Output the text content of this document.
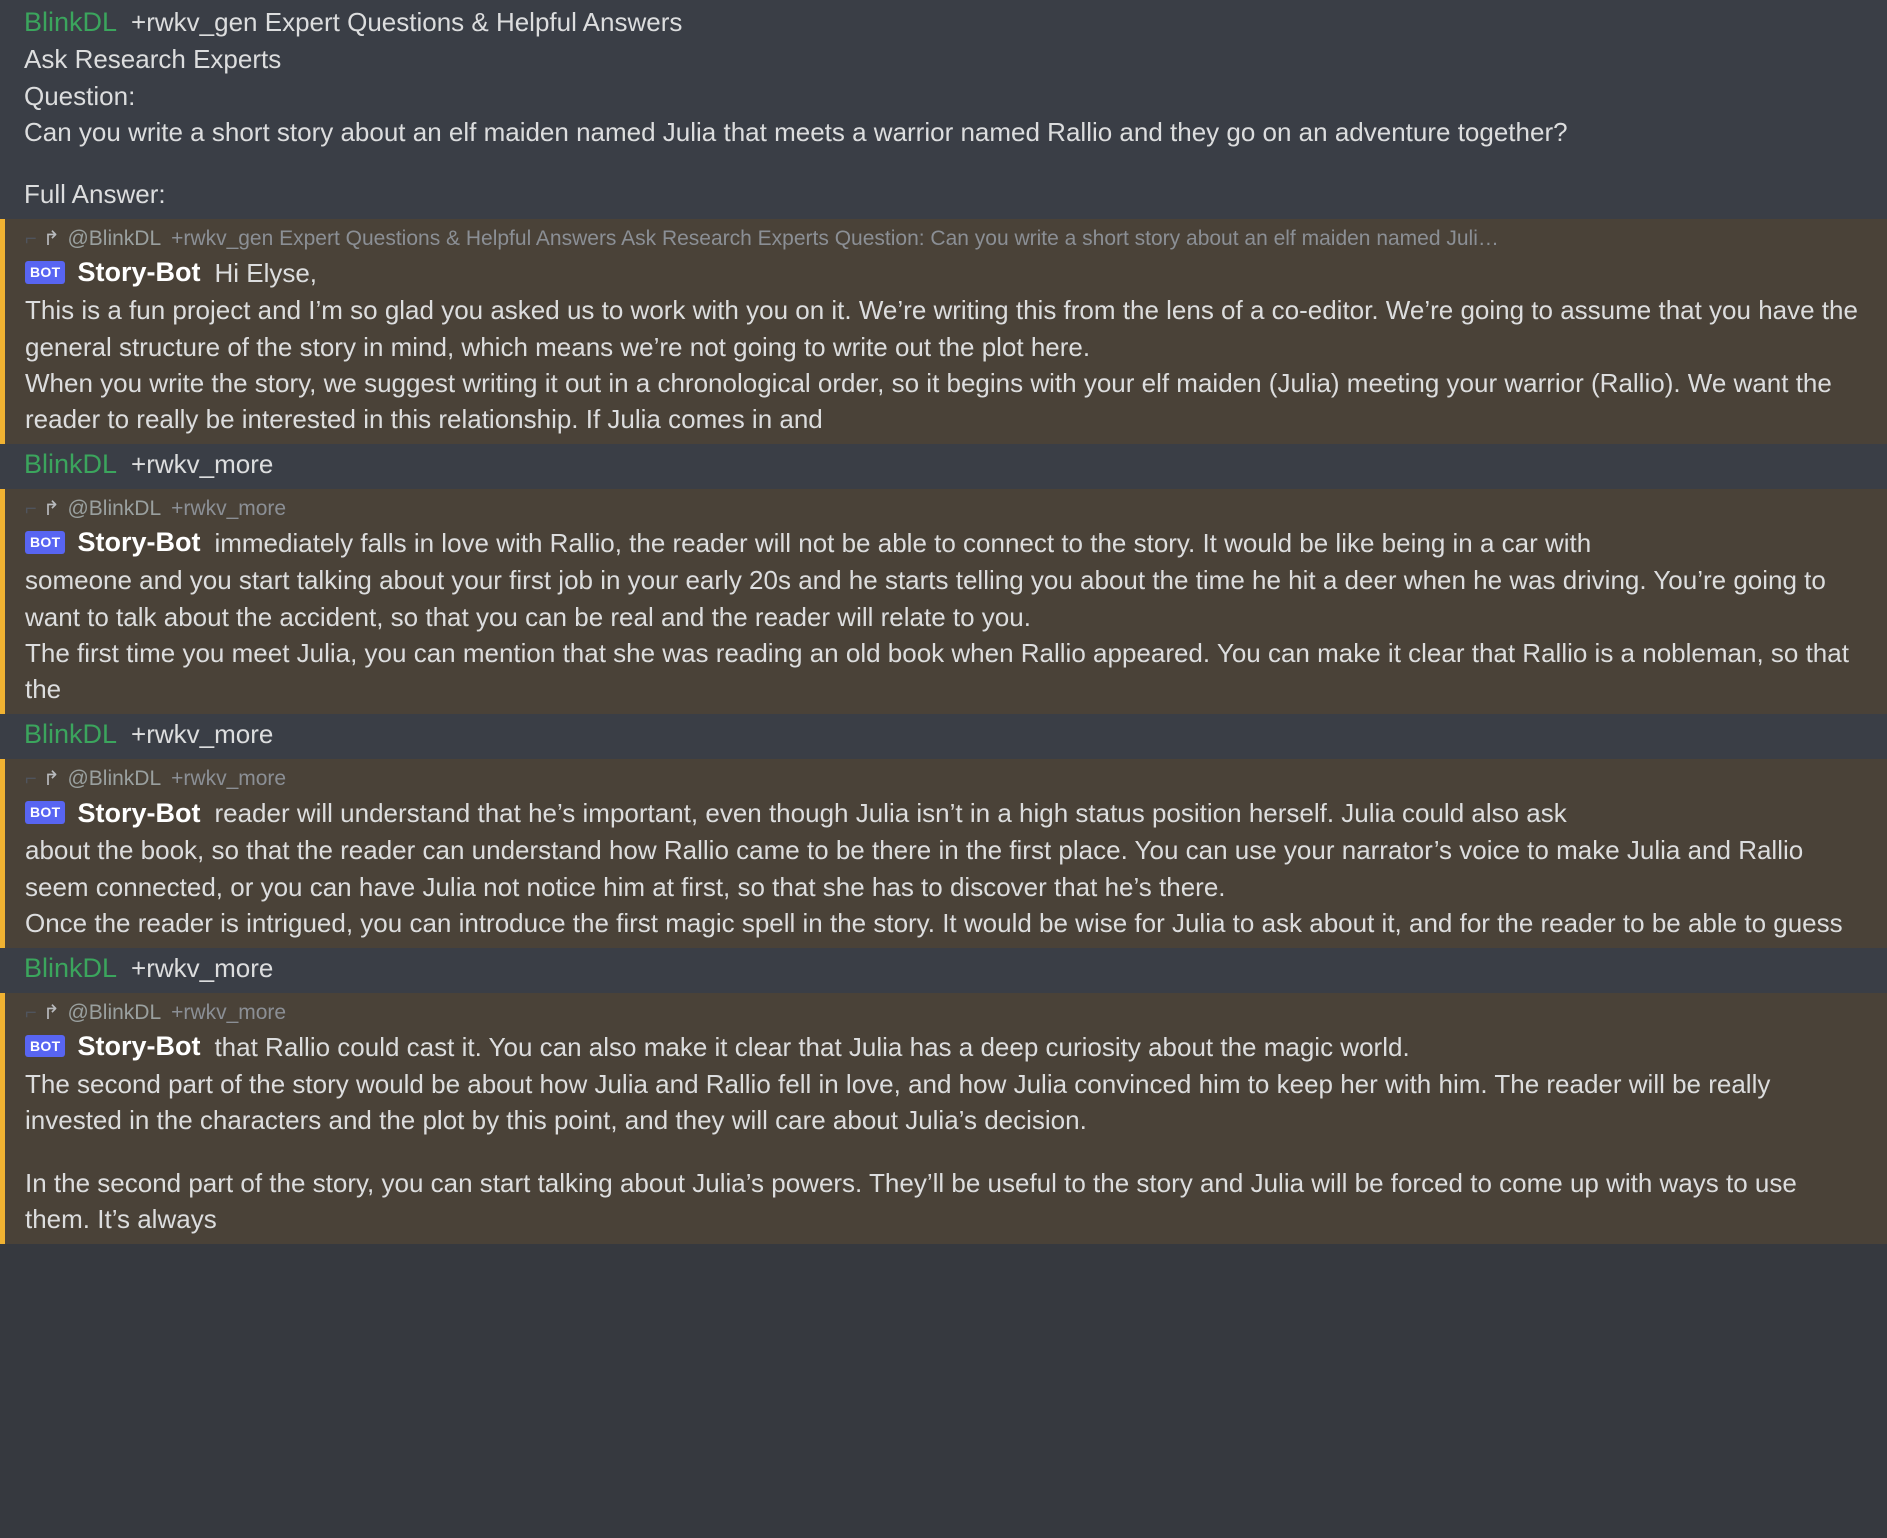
BlinkDL +rwkv_gen Expert Questions & Helpful Answers

Ask Research Experts

Question:

Can you write a short story about an elf maiden named Julia that meets a warrior named Rallio and they go on an adventure together?

Full Answer:

⌐ ↰ @BlinkDL +rwkv_gen Expert Questions & Helpful Answers Ask Research Experts Question: Can you write a short story about an elf maiden named Juli…
BOT Story-Bot Hi Elyse,

This is a fun project and I’m so glad you asked us to work with you on it. We’re writing this from the lens of a co-editor. We’re going to assume that you have the general structure of the story in mind, which means we’re not going to write out the plot here.

When you write the story, we suggest writing it out in a chronological order, so it begins with your elf maiden (Julia) meeting your warrior (Rallio). We want the reader to really be interested in this relationship. If Julia comes in and

BlinkDL +rwkv_more
⌐ ↰ @BlinkDL +rwkv_more
BOT Story-Bot immediately falls in love with Rallio, the reader will not be able to connect to the story. It would be like being in a car with

someone and you start talking about your first job in your early 20s and he starts telling you about the time he hit a deer when he was driving. You’re going to want to talk about the accident, so that you can be real and the reader will relate to you.

The first time you meet Julia, you can mention that she was reading an old book when Rallio appeared. You can make it clear that Rallio is a nobleman, so that the

BlinkDL +rwkv_more
⌐ ↰ @BlinkDL +rwkv_more
BOT Story-Bot reader will understand that he’s important, even though Julia isn’t in a high status position herself. Julia could also ask

about the book, so that the reader can understand how Rallio came to be there in the first place. You can use your narrator’s voice to make Julia and Rallio seem connected, or you can have Julia not notice him at first, so that she has to discover that he’s there.

Once the reader is intrigued, you can introduce the first magic spell in the story. It would be wise for Julia to ask about it, and for the reader to be able to guess

BlinkDL +rwkv_more
⌐ ↰ @BlinkDL +rwkv_more
BOT Story-Bot that Rallio could cast it. You can also make it clear that Julia has a deep curiosity about the magic world.

The second part of the story would be about how Julia and Rallio fell in love, and how Julia convinced him to keep her with him. The reader will be really invested in the characters and the plot by this point, and they will care about Julia’s decision.

In the second part of the story, you can start talking about Julia’s powers. They’ll be useful to the story and Julia will be forced to come up with ways to use them. It’s always
